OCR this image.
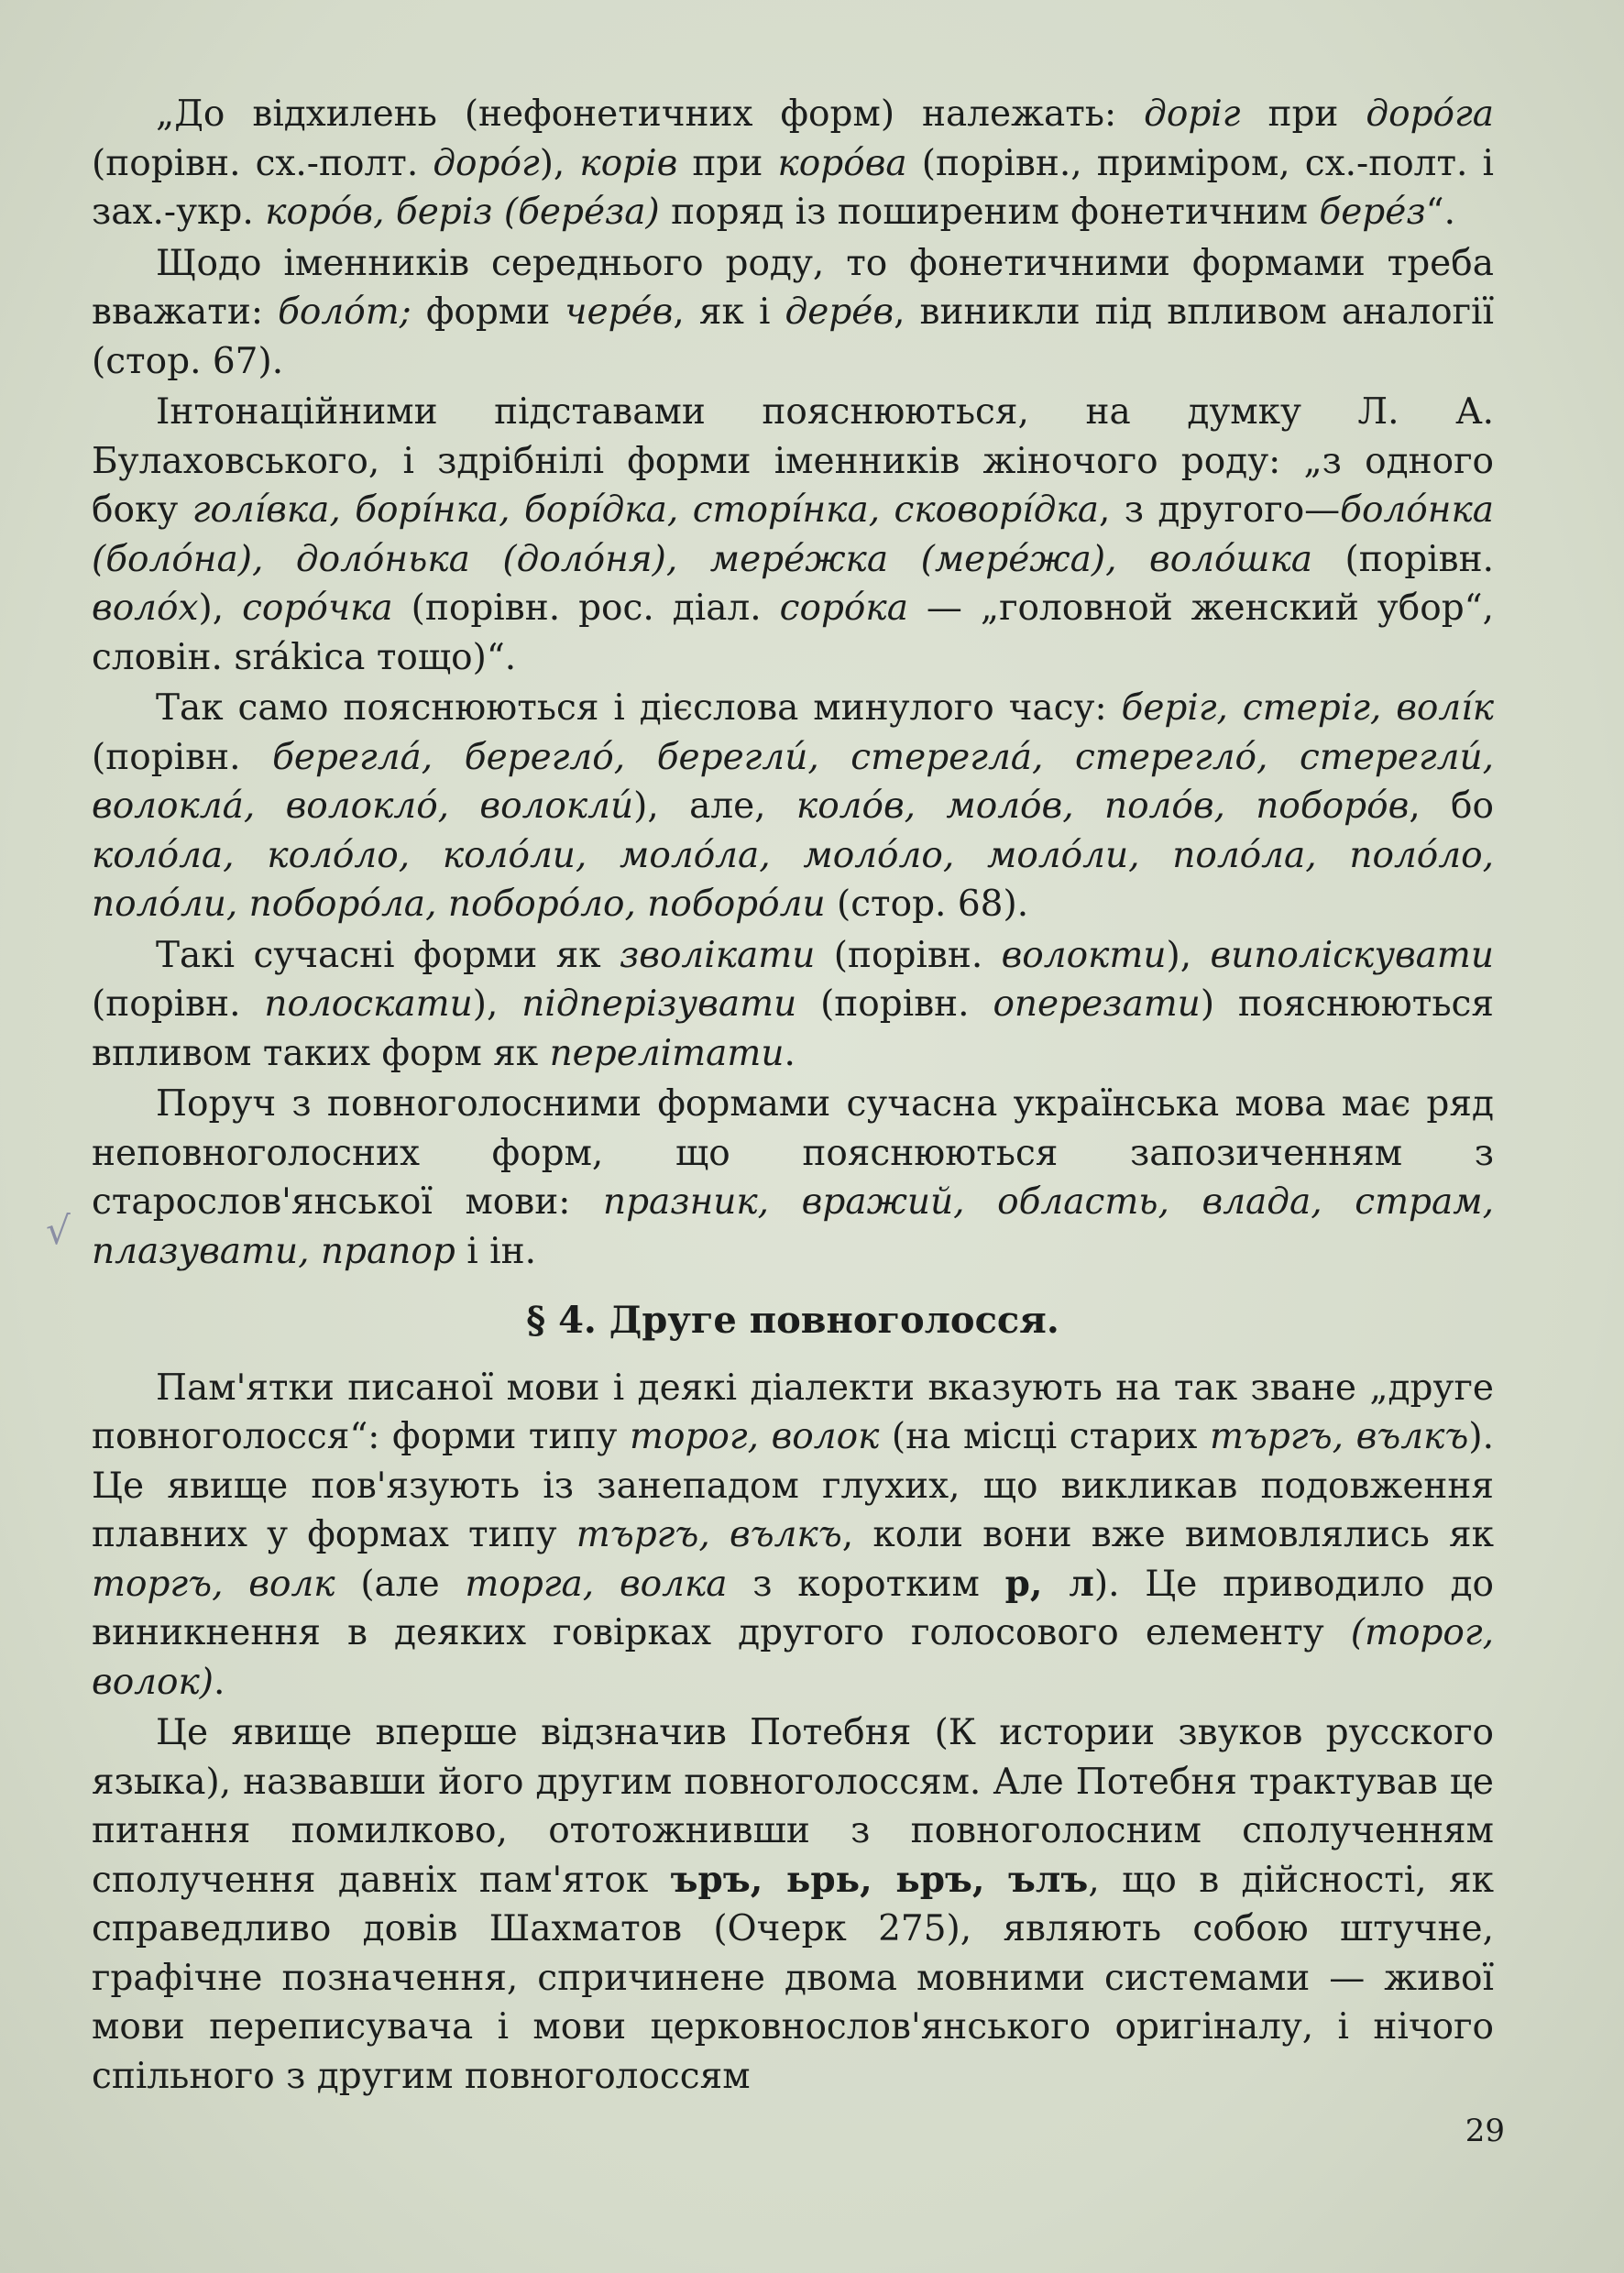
√

„До відхилень (нефонетичних форм) належать: доріг при доро́га (порівн. сх.-полт. доро́г), корів при коро́ва (порівн., приміром, сх.-полт. і зах.-укр. коро́в, беріз (бере́за) поряд із поширеним фонетичним бере́з“.

Щодо іменників середнього роду, то фонетичними формами треба вважати: боло́т; форми чере́в, як і дере́в, виникли під впливом аналогії (стор. 67).

Інтонаційними підставами пояснюються, на думку Л. А. Булаховського, і здрібнілі форми іменників жіночого роду: „з одного боку голі́вка, борі́нка, борі́дка, сторі́нка, сковорі́дка, з другого—боло́нка (боло́на), доло́нька (доло́ня), мере́жка (мере́жа), воло́шка (порівн. воло́х), соро́чка (порівн. рос. діал. соро́ка — „головной женский убор“, словін. srákica тощо)“.

Так само пояснюються і дієслова минулого часу: беріг, стеріг, волі́к (порівн. береглá, берегло́, береглú, стереглá, стерегло́, стереглú, волоклá, волокло́, волоклú), але, коло́в, моло́в, поло́в, поборо́в, бо коло́ла, коло́ло, коло́ли, моло́ла, моло́ло, моло́ли, поло́ла, поло́ло, поло́ли, поборо́ла, поборо́ло, поборо́ли (стор. 68).

Такі сучасні форми як зволікати (порівн. волокти), виполіскувати (порівн. полоскати), підперізувати (порівн. оперезати) пояснюються впливом таких форм як перелітати.

Поруч з повноголосними формами сучасна українська мова має ряд неповноголосних форм, що пояснюються запозиченням з старослов'янської мови: празник, вражий, область, влада, страм, плазувати, прапор і ін.

§ 4. Друге повноголосся.

Пам'ятки писаної мови і деякі діалекти вказують на так зване „друге повноголосся“: форми типу торог, волок (на місці старих търгъ, вълкъ). Це явище пов'язують із занепадом глухих, що викликав подовження плавних у формах типу търгъ, вълкъ, коли вони вже вимовлялись як торгъ, волк (але торга, волка з коротким р, л). Це приводило до виникнення в деяких говірках другого голосового елементу (торог, волок).

Це явище вперше відзначив Потебня (К истории звуков русского языка), назвавши його другим повноголоссям. Але Потебня трактував це питання помилково, ототожнивши з повноголосним сполученням сполучення давніх пам'яток ъръ, ьрь, ьръ, ълъ, що в дійсності, як справедливо довів Шахматов (Очерк 275), являють собою штучне, графічне позначення, спричинене двома мовними системами — живої мови переписувача і мови церковнослов'янського оригіналу, і нічого спільного з другим повноголоссям

29
